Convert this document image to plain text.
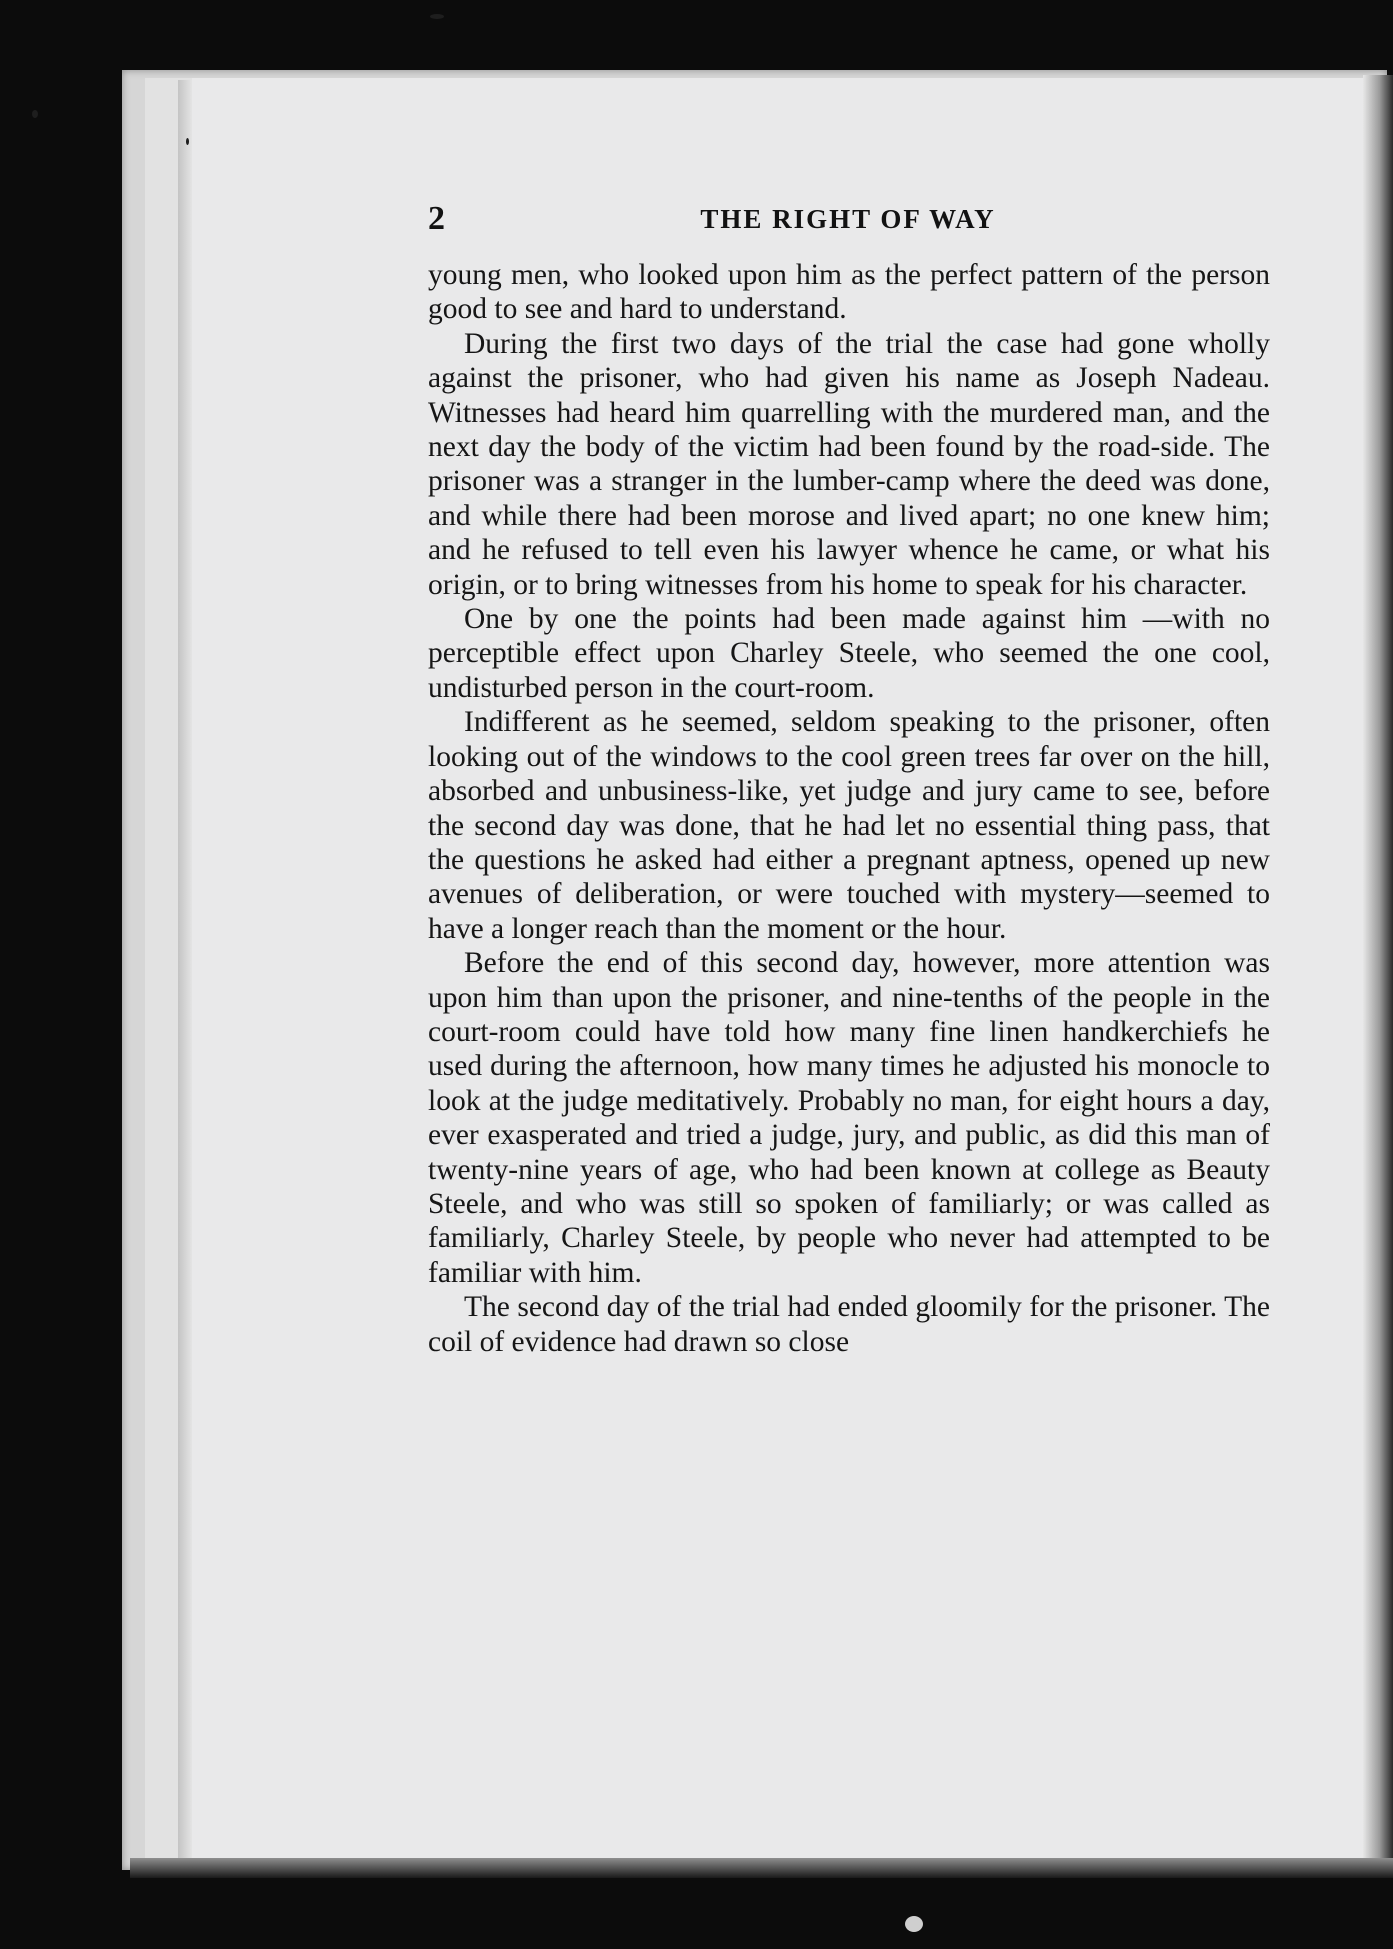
2	THE RIGHT OF WAY

young men, who looked upon him as the perfect pattern of the person good to see and hard to understand.

During the first two days of the trial the case had gone wholly against the prisoner, who had given his name as Joseph Nadeau. Witnesses had heard him quarrelling with the murdered man, and the next day the body of the victim had been found by the road-side. The prisoner was a stranger in the lumber-camp where the deed was done, and while there had been morose and lived apart; no one knew him; and he refused to tell even his lawyer whence he came, or what his origin, or to bring witnesses from his home to speak for his character.

One by one the points had been made against him —with no perceptible effect upon Charley Steele, who seemed the one cool, undisturbed person in the court-room.

Indifferent as he seemed, seldom speaking to the prisoner, often looking out of the windows to the cool green trees far over on the hill, absorbed and unbusiness-like, yet judge and jury came to see, before the second day was done, that he had let no essential thing pass, that the questions he asked had either a pregnant aptness, opened up new avenues of deliberation, or were touched with mystery—seemed to have a longer reach than the moment or the hour.

Before the end of this second day, however, more attention was upon him than upon the prisoner, and nine-tenths of the people in the court-room could have told how many fine linen handkerchiefs he used during the afternoon, how many times he adjusted his monocle to look at the judge meditatively. Probably no man, for eight hours a day, ever exasperated and tried a judge, jury, and public, as did this man of twenty-nine years of age, who had been known at college as Beauty Steele, and who was still so spoken of familiarly; or was called as familiarly, Charley Steele, by people who never had attempted to be familiar with him.

The second day of the trial had ended gloomily for the prisoner. The coil of evidence had drawn so close
